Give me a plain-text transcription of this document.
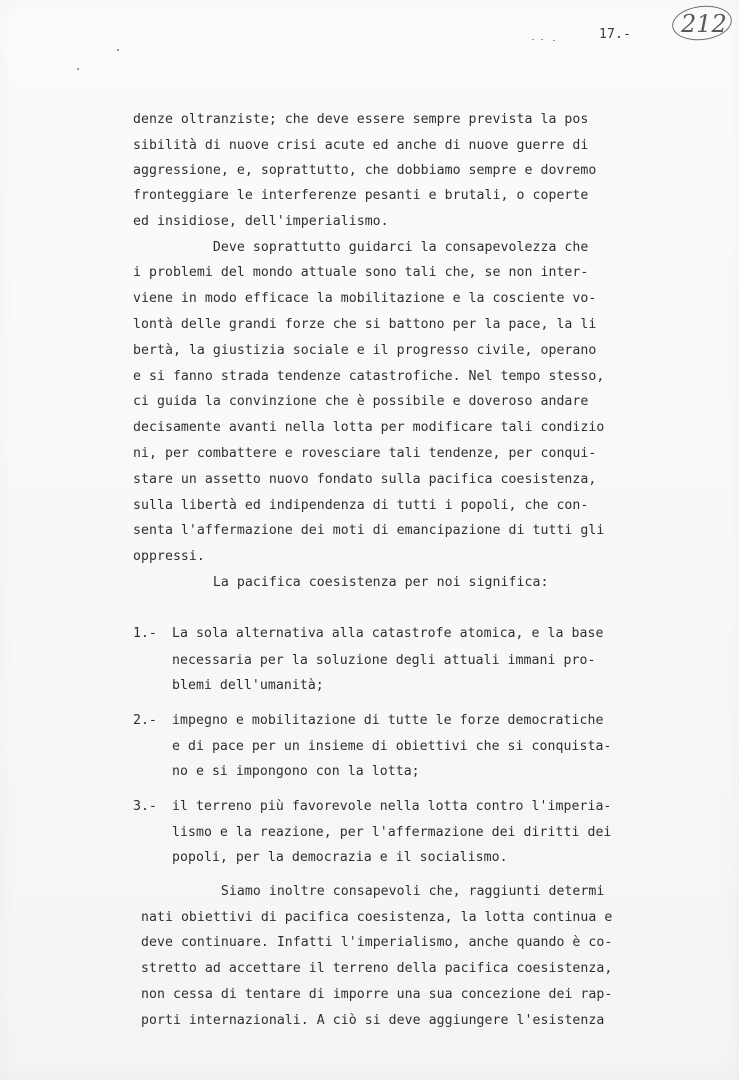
17.- 212
denze oltranziste; che deve essere sempre prevista la pos
sibilità di nuove crisi acute ed anche di nuove guerre di
aggressione, e, soprattutto, che dobbiamo sempre e dovremo
fronteggiare le interferenze pesanti e brutali, o coperte
ed insidiose, dell'imperialismo.
Deve soprattutto guidarci la consapevolezza che
i problemi del mondo attuale sono tali che, se non inter-
viene in modo efficace la mobilitazione e la cosciente vo-
lontà delle grandi forze che si battono per la pace, la li
bertà, la giustizia sociale e il progresso civile, operano
e si fanno strada tendenze catastrofiche. Nel tempo stesso,
ci guida la convinzione che è possibile e doveroso andare
decisamente avanti nella lotta per modificare tali condizio
ni, per combattere e rovesciare tali tendenze, per conqui-
stare un assetto nuovo fondato sulla pacifica coesistenza,
sulla libertà ed indipendenza di tutti i popoli, che con-
senta l'affermazione dei moti di emancipazione di tutti gli
oppressi.
La pacifica coesistenza per noi significa:
1.- La sola alternativa alla catastrofe atomica, e la base
necessaria per la soluzione degli attuali immani pro-
blemi dell'umanità;
2.- impegno e mobilitazione di tutte le forze democratiche
e di pace per un insieme di obiettivi che si conquista-
no e si impongono con la lotta;
3.- il terreno più favorevole nella lotta contro l'imperia-
lismo e la reazione, per l'affermazione dei diritti dei
popoli, per la democrazia e il socialismo.
Siamo inoltre consapevoli che, raggiunti determi
nati obiettivi di pacifica coesistenza, la lotta continua e
deve continuare. Infatti l'imperialismo, anche quando è co-
stretto ad accettare il terreno della pacifica coesistenza,
non cessa di tentare di imporre una sua concezione dei rap-
porti internazionali. A ciò si deve aggiungere l'esistenza
